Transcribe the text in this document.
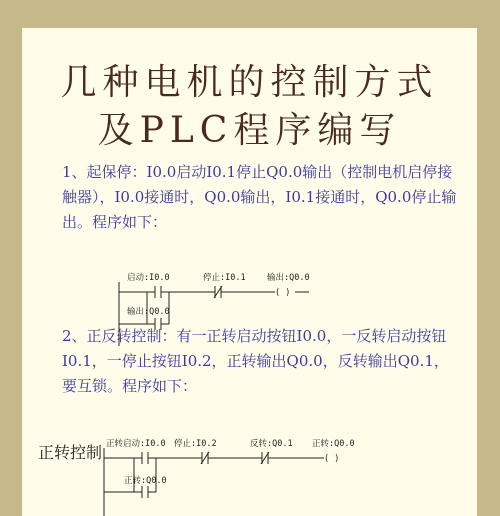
几种电机的控制方式
及PLC程序编写
1、起保停：I0.0启动I0.1停止Q0.0输出（控制电机启停接触器），I0.0接通时，Q0.0输出，I0.1接通时，Q0.0停止输出。程序如下：
启动:I0.0	停止:I0.1	输出:Q0.0
( )
输出:Q0.0
2、正反转控制：有一正转启动按钮I0.0，一反转启动按钮I0.1，一停止按钮I0.2，正转输出Q0.0，反转输出Q0.1，要互锁。程序如下：
正转控制 正转启动:I0.0 停止:I0.2	反转:Q0.1 正转:Q0.0
( )
正转:Q0.0
